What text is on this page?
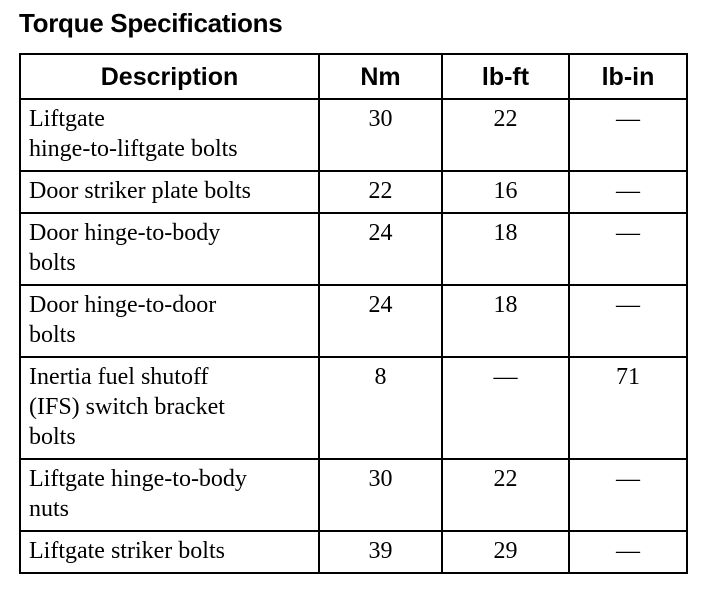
Torque Specifications
Description	Nm	lb-ft	lb-in

Liftgate
hinge-to-liftgate bolts	30	22	—

Door striker plate bolts	22	16	—

Door hinge-to-body
bolts	24	18	—

Door hinge-to-door
bolts	24	18	—

Inertia fuel shutoff
(IFS) switch bracket
bolts	8	—	71

Liftgate hinge-to-body
nuts	30	22	—

Liftgate striker bolts	39	29	—
